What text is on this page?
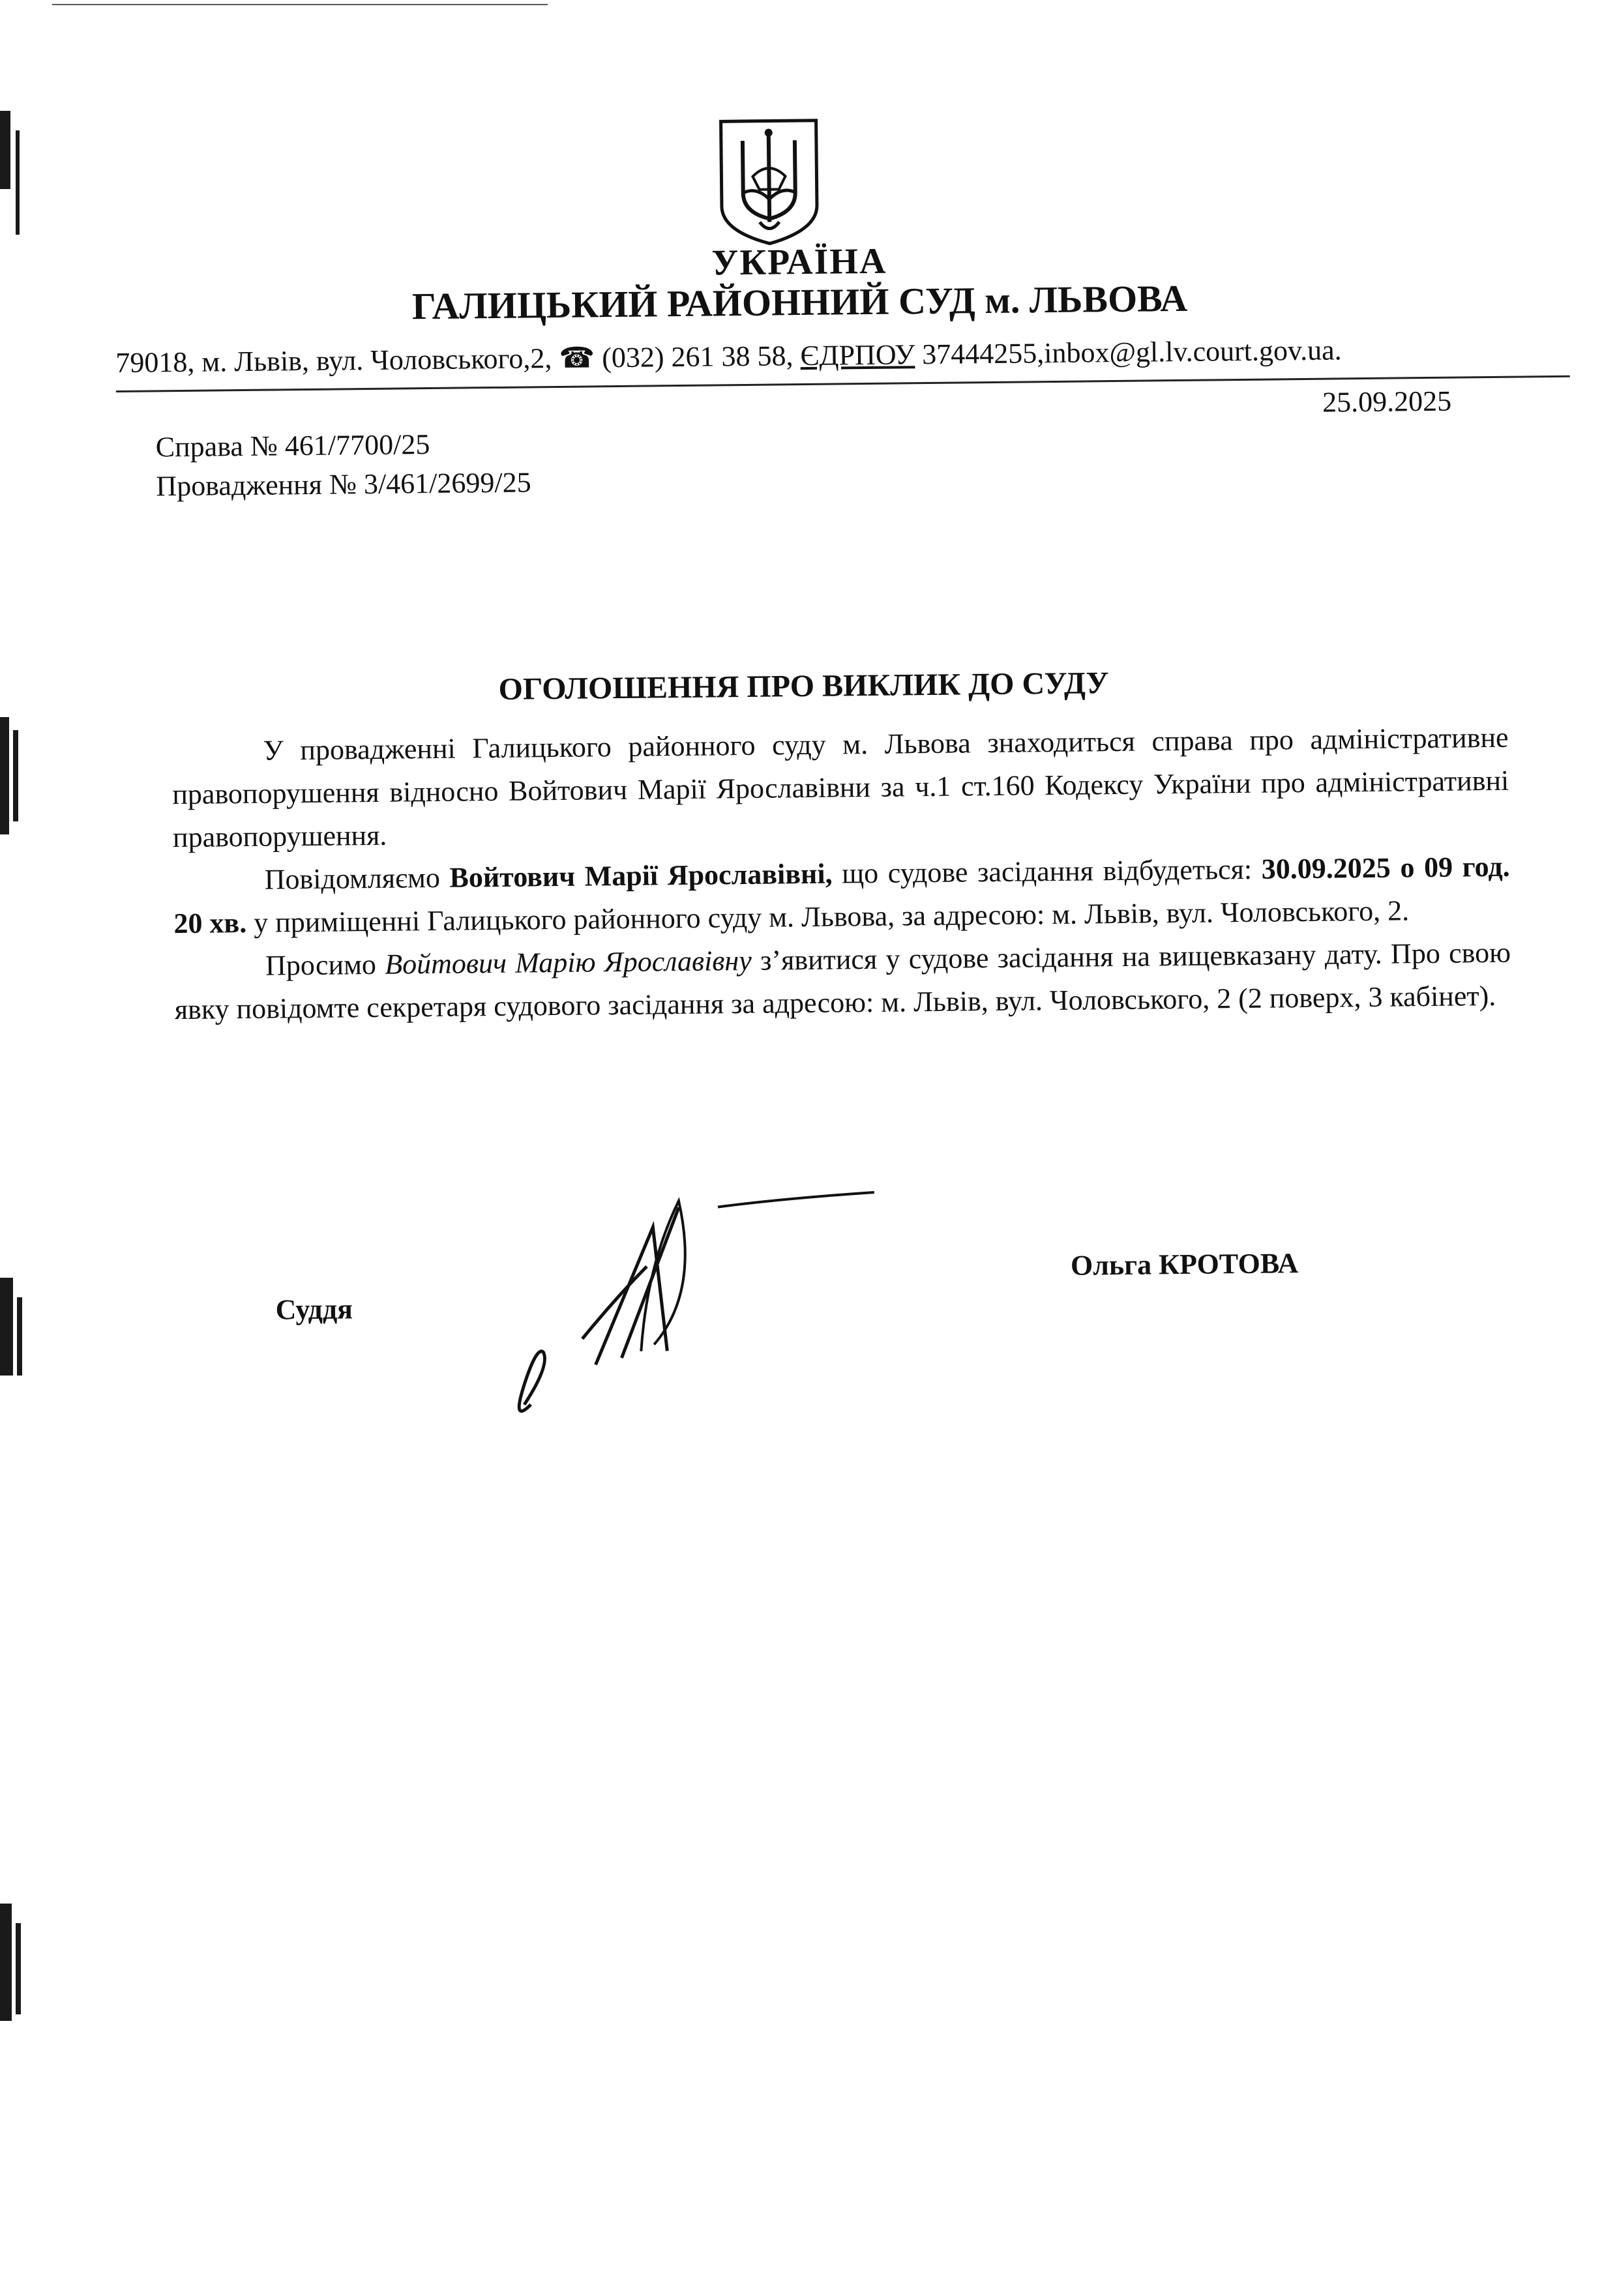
УКРАЇНА
ГАЛИЦЬКИЙ РАЙОННИЙ СУД м. ЛЬВОВА
79018, м. Львів, вул. Чоловського,2, ☎ (032) 261 38 58, ЄДРПОУ 37444255,inbox@gl.lv.court.gov.ua.
25.09.2025
Справа № 461/7700/25
Провадження № 3/461/2699/25
ОГОЛОШЕННЯ ПРО ВИКЛИК ДО СУДУ

У провадженні Галицького районного суду м. Львова знаходиться справа про адміністративне правопорушення відносно Войтович Марії Ярославівни за ч.1 ст.160 Кодексу України про адміністративні правопорушення.

Повідомляємо Войтович Марії Ярославівні, що судове засідання відбудеться: 30.09.2025 о 09 год. 20 хв. у приміщенні Галицького районного суду м. Львова, за адресою: м. Львів, вул. Чоловського, 2.

Просимо Войтович Марію Ярославівну з’явитися у судове засідання на вищевказану дату. Про свою явку повідомте секретаря судового засідання за адресою: м. Львів, вул. Чоловського, 2 (2 поверх, 3 кабінет).

Суддя
Ольга КРОТОВА
